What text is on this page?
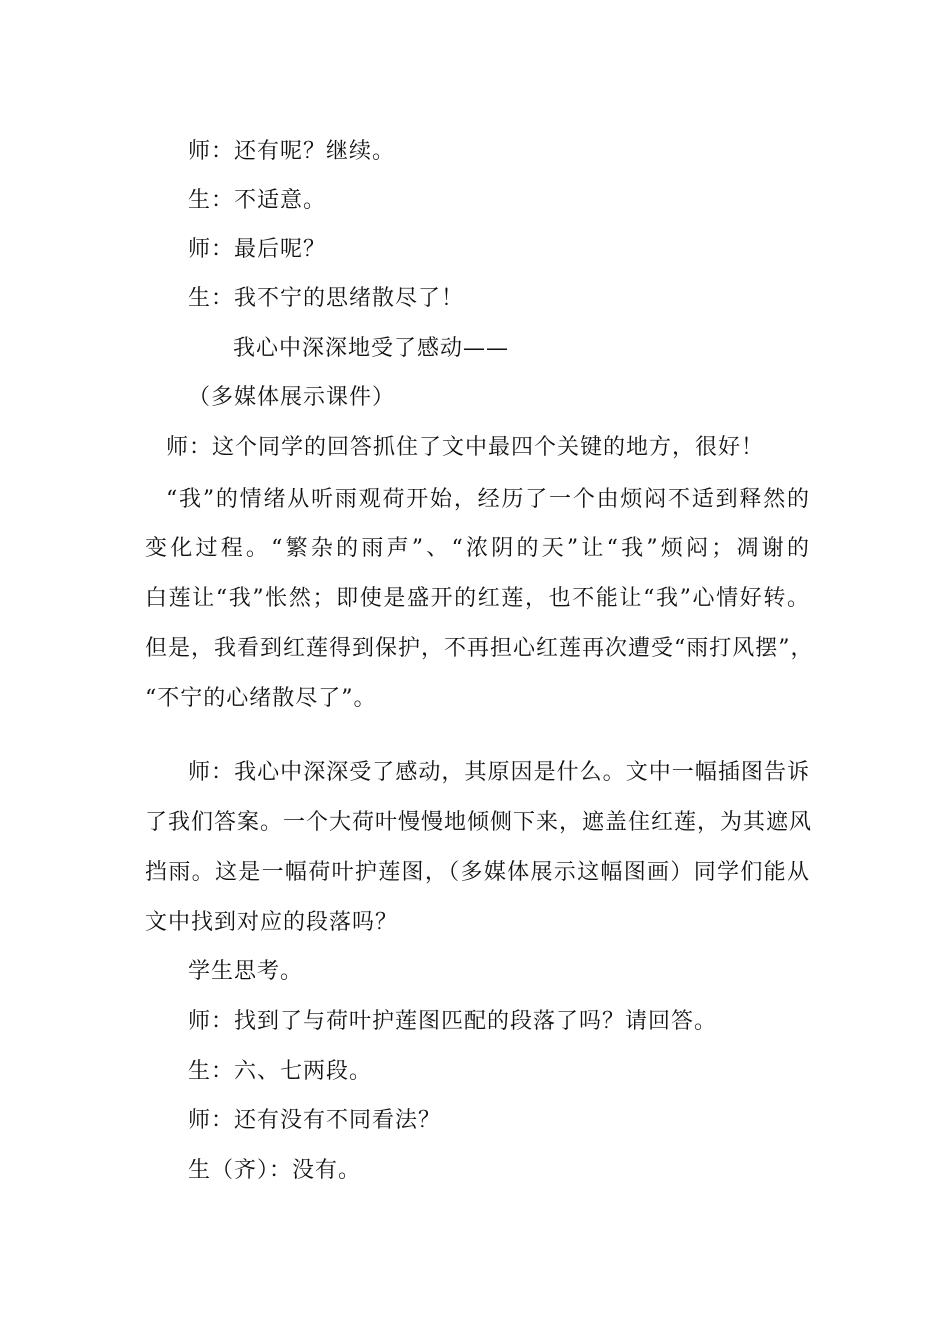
师：还有呢？继续。
生：不适意。
师：最后呢？
生：我不宁的思绪散尽了！
我心中深深地受了感动——
（多媒体展示课件）
师：这个同学的回答抓住了文中最四个关键的地方，很好！
“我”的情绪从听雨观荷开始，经历了一个由烦闷不适到释然的
变化过程。“繁杂的雨声”、“浓阴的天”让“我”烦闷；凋谢的
白莲让“我”怅然；即使是盛开的红莲，也不能让“我”心情好转。
但是，我看到红莲得到保护，不再担心红莲再次遭受“雨打风摆”，
“不宁的心绪散尽了”。
师：我心中深深受了感动，其原因是什么。文中一幅插图告诉
了我们答案。一个大荷叶慢慢地倾侧下来，遮盖住红莲，为其遮风
挡雨。这是一幅荷叶护莲图，（多媒体展示这幅图画）同学们能从
文中找到对应的段落吗？
学生思考。
师：找到了与荷叶护莲图匹配的段落了吗？请回答。
生：六、七两段。
师：还有没有不同看法？
生（齐）：没有。
